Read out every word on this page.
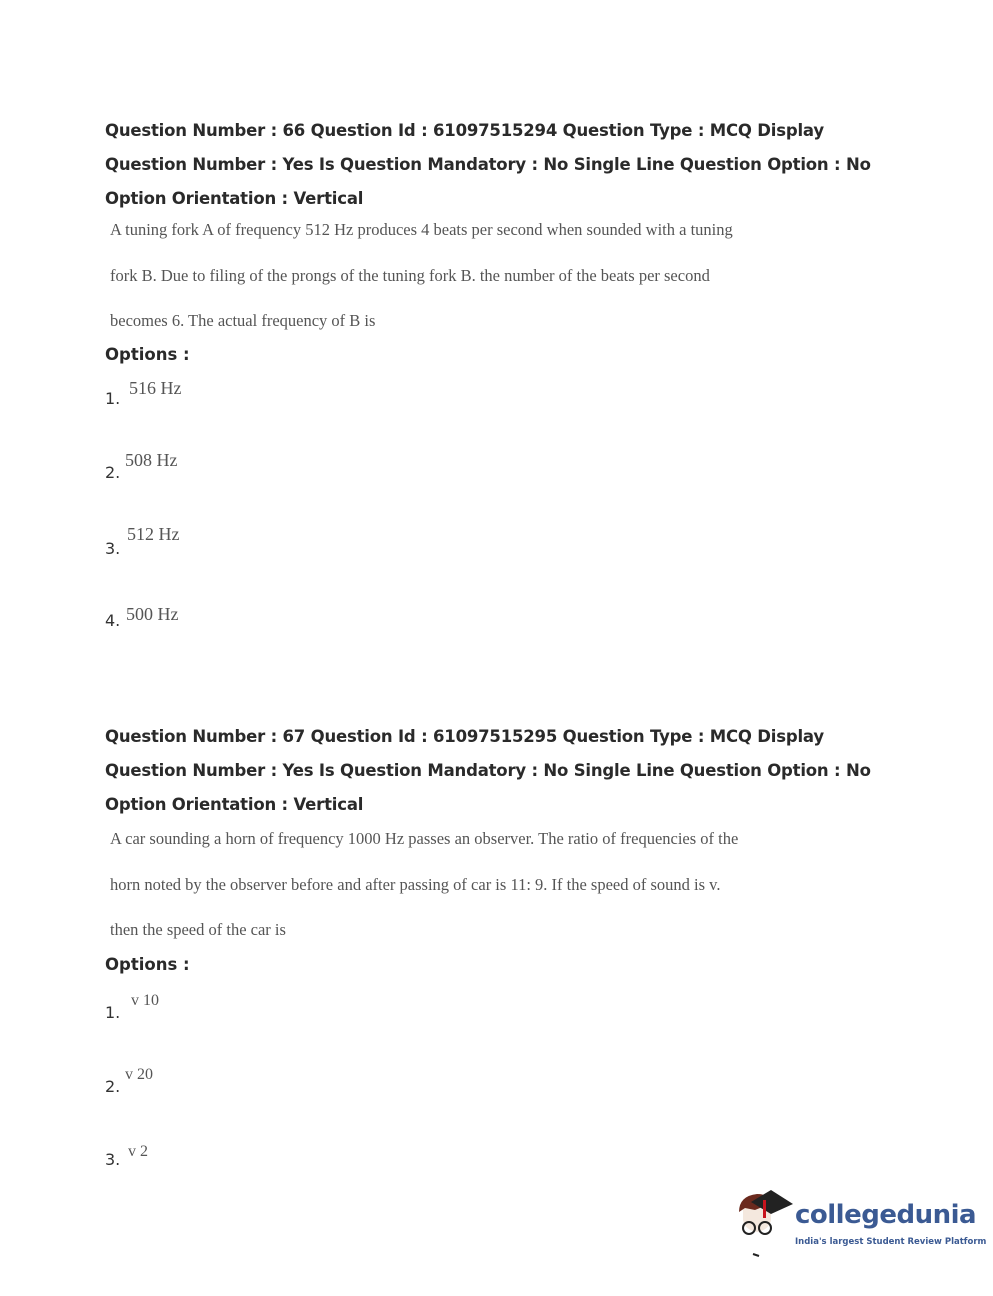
Question Number : 66 Question Id : 61097515294 Question Type : MCQ Display Question Number : Yes Is Question Mandatory : No Single Line Question Option : No Option Orientation : Vertical
A tuning fork A of frequency 512 Hz produces 4 beats per second when sounded with a tuning fork B. Due to filing of the prongs of the tuning fork B. the number of the beats per second becomes 6. The actual frequency of B is
Options :
1.
516 Hz
2.
508 Hz
3.
512 Hz
4. 500 Hz
Question Number : 67 Question Id : 61097515295 Question Type : MCQ Display Question Number : Yes Is Question Mandatory : No Single Line Question Option : No Option Orientation : Vertical
A car sounding a horn of frequency 1000 Hz passes an observer. The ratio of frequencies of the horn noted by the observer before and after passing of car is 11: 9. If the speed of sound is v. then the speed of the car is
Options :
1.
v 10
2.
v 20
3. v 2
collegedunia
India's largest Student Review Platform
